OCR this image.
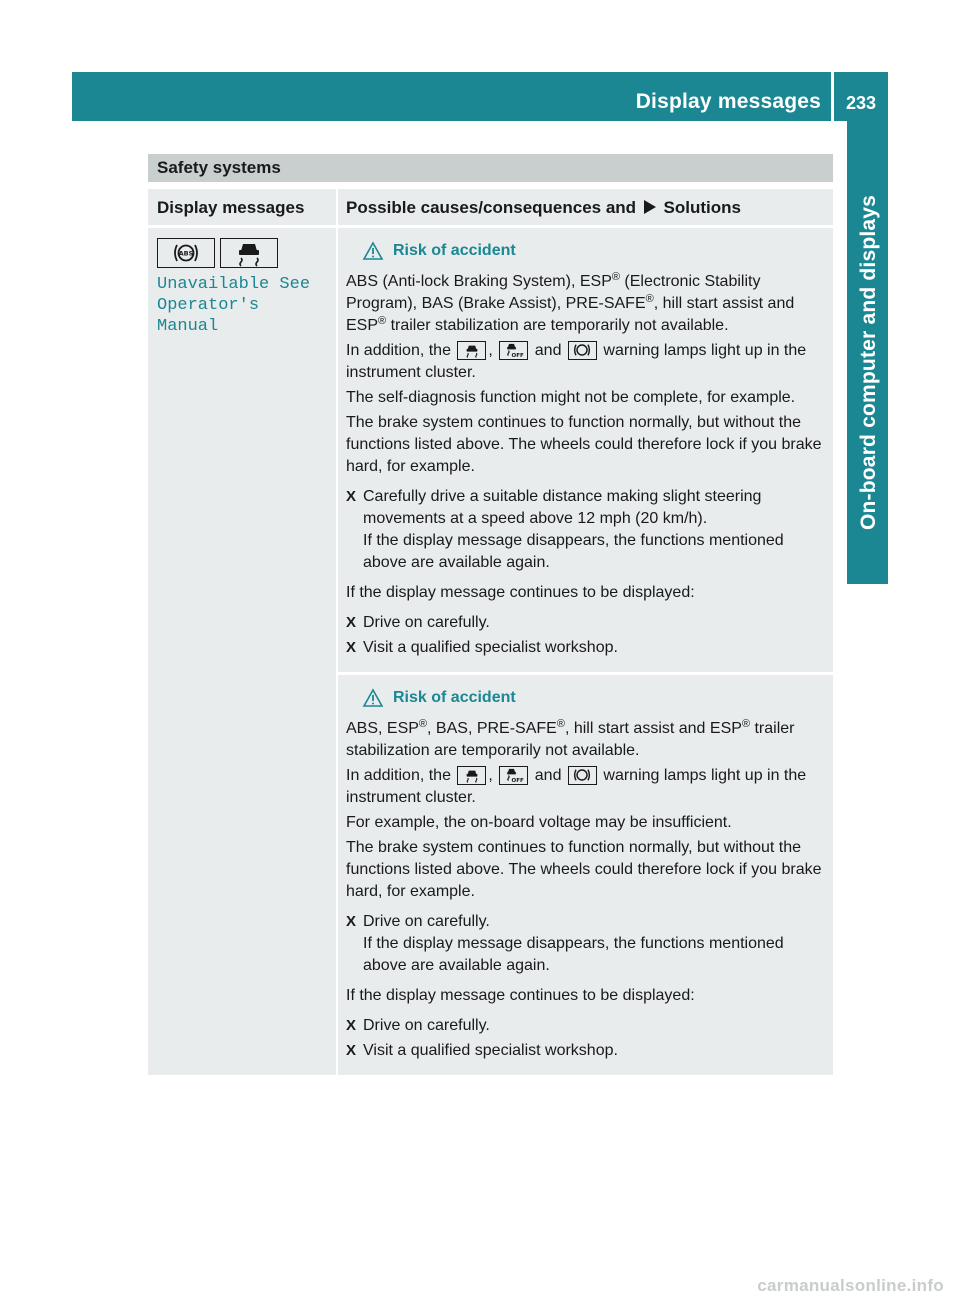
Display messages	233
On-board computer and displays
Safety systems
Display messages	Possible causes/consequences and Solutions
ABS
Unavailable See
Operator's Manual
Risk of accident
ABS (Anti-lock Braking System), ESP® (Electronic Stability Program), BAS (Brake Assist), PRE-SAFE®, hill start assist and ESP® trailer stabilization are temporarily not available.
In addition, the , OFF and	warning lamps light up in the instrument cluster.
The self-diagnosis function might not be complete, for example.
The brake system continues to function normally, but without the functions listed above. The wheels could therefore lock if you brake hard, for example.
X Carefully drive a suitable distance making slight steering movements at a speed above 12 mph (20 km/h).
If the display message disappears, the functions mentioned above are available again.
If the display message continues to be displayed:
X Drive on carefully.
X Visit a qualified specialist workshop.
Risk of accident
ABS, ESP®, BAS, PRE-SAFE®, hill start assist and ESP® trailer stabilization are temporarily not available.
In addition, the , OFF and	warning lamps light up in the instrument cluster.
For example, the on-board voltage may be insufficient.
The brake system continues to function normally, but without the functions listed above. The wheels could therefore lock if you brake hard, for example.
X Drive on carefully.
If the display message disappears, the functions mentioned above are available again.
If the display message continues to be displayed:
X Drive on carefully.
X Visit a qualified specialist workshop.
carmanualsonline.info
